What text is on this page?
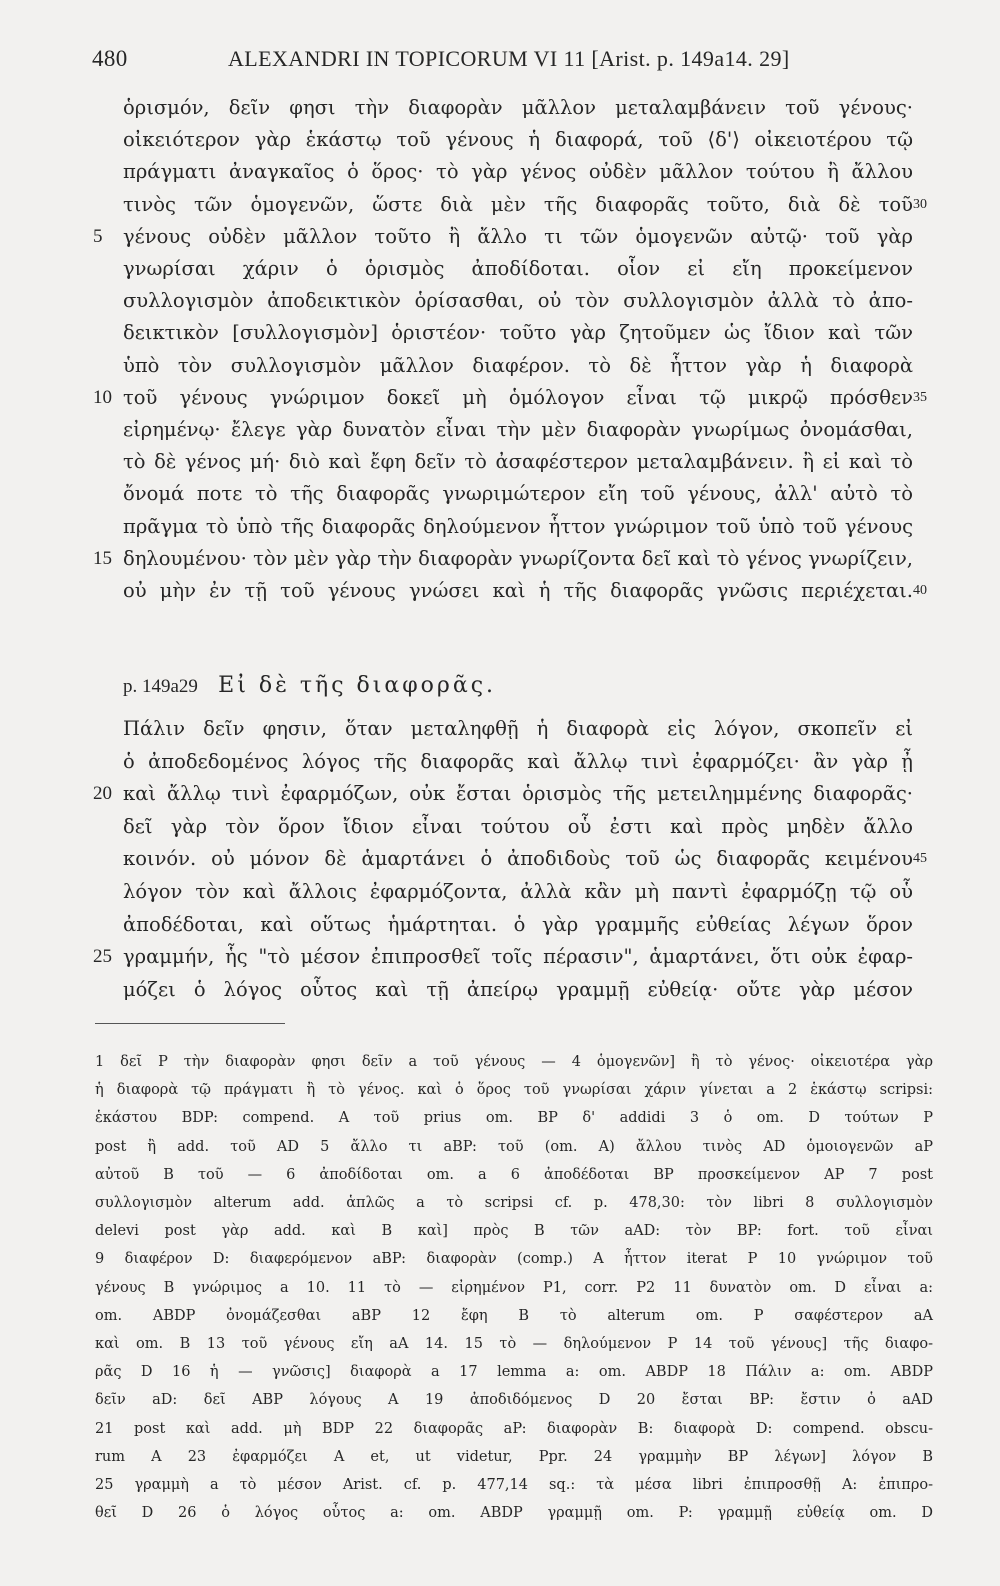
480	ALEXANDRI IN TOPICORUM VI 11 [Arist. p. 149a14. 29]
ὁρισμόν, δεῖν φησι τὴν διαφορὰν μᾶλλον μεταλαμβάνειν τοῦ γένους·
οἰκειότερον γὰρ ἑκάστῳ τοῦ γένους ἡ διαφορά, τοῦ ⟨δ'⟩ οἰκειοτέρου τῷ
πράγματι ἀναγκαῖος ὁ ὅρος· τὸ γὰρ γένος οὐδὲν μᾶλλον τούτου ἢ ἄλλου
τινὸς τῶν ὁμογενῶν, ὥστε διὰ μὲν τῆς διαφορᾶς τοῦτο, διὰ δὲ τοῦ 30
γένους οὐδὲν μᾶλλον τοῦτο ἢ ἄλλο τι τῶν ὁμογενῶν αὐτῷ· τοῦ γὰρ
5
γνωρίσαι χάριν ὁ ὁρισμὸς ἀποδίδοται. οἷον εἰ εἴη προκείμενον
συλλογισμὸν ἀποδεικτικὸν ὁρίσασθαι, οὐ τὸν συλλογισμὸν ἀλλὰ τὸ ἀπο-
δεικτικὸν [συλλογισμὸν] ὁριστέον· τοῦτο γὰρ ζητοῦμεν ὡς ἴδιον καὶ τῶν
ὑπὸ τὸν συλλογισμὸν μᾶλλον διαφέρον. τὸ δὲ ἧττον γὰρ ἡ διαφορὰ
τοῦ γένους γνώριμον δοκεῖ μὴ ὁμόλογον εἶναι τῷ μικρῷ πρόσθεν
10	35
εἰρημένῳ· ἔλεγε γὰρ δυνατὸν εἶναι τὴν μὲν διαφορὰν γνωρίμως ὀνομάσθαι,
τὸ δὲ γένος μή· διὸ καὶ ἔφη δεῖν τὸ ἀσαφέστερον μεταλαμβάνειν. ἢ εἰ καὶ τὸ
ὄνομά ποτε τὸ τῆς διαφορᾶς γνωριμώτερον εἴη τοῦ γένους, ἀλλ' αὐτὸ τὸ
πρᾶγμα τὸ ὑπὸ τῆς διαφορᾶς δηλούμενον ἧττον γνώριμον τοῦ ὑπὸ τοῦ γένους
δηλουμένου· τὸν μὲν γὰρ τὴν διαφορὰν γνωρίζοντα δεῖ καὶ τὸ γένος γνωρίζειν,
15
οὐ μὴν ἐν τῇ τοῦ γένους γνώσει καὶ ἡ τῆς διαφορᾶς γνῶσις περιέχεται. 40
p. 149a29 Εἰ δὲ τῆς διαφορᾶς.
Πάλιν δεῖν φησιν, ὅταν μεταληφθῇ ἡ διαφορὰ εἰς λόγον, σκοπεῖν εἰ
ὁ ἀποδεδομένος λόγος τῆς διαφορᾶς καὶ ἄλλῳ τινὶ ἐφαρμόζει· ἂν γὰρ ᾖ
καὶ ἄλλῳ τινὶ ἐφαρμόζων, οὐκ ἔσται ὁρισμὸς τῆς μετειλημμένης διαφορᾶς·
20
δεῖ γὰρ τὸν ὅρον ἴδιον εἶναι τούτου οὗ ἐστι καὶ πρὸς μηδὲν ἄλλο
κοινόν. οὐ μόνον δὲ ἁμαρτάνει ὁ ἀποδιδοὺς τοῦ ὡς διαφορᾶς κειμένου 45
λόγον τὸν καὶ ἄλλοις ἐφαρμόζοντα, ἀλλὰ κἂν μὴ παντὶ ἐφαρμόζῃ τῷ οὗ
ἀποδέδοται, καὶ οὕτως ἡμάρτηται. ὁ γὰρ γραμμῆς εὐθείας λέγων ὅρον
γραμμήν, ἧς "τὸ μέσον ἐπιπροσθεῖ τοῖς πέρασιν", ἁμαρτάνει, ὅτι οὐκ ἐφαρ-
25
μόζει ὁ λόγος οὗτος καὶ τῇ ἀπείρῳ γραμμῇ εὐθείᾳ· οὔτε γὰρ μέσον
1 δεῖ P τὴν διαφορὰν φησι δεῖν a τοῦ γένους — 4 ὁμογενῶν] ἢ τὸ γένος· οἰκειοτέρα γὰρ
ἡ διαφορὰ τῷ πράγματι ἢ τὸ γένος. καὶ ὁ ὅρος τοῦ γνωρίσαι χάριν γίνεται a 2 ἑκάστῳ scripsi:
ἑκάστου BDP: compend. A τοῦ prius om. BP δ' addidi 3 ὁ om. D τούτων P
post ἢ add. τοῦ AD 5 ἄλλο τι aBP: τοῦ (om. A) ἄλλου τινὸς AD ὁμοιογενῶν aP
αὐτοῦ B τοῦ — 6 ἀποδίδοται om. a 6 ἀποδέδοται BP προσκείμενον AP 7 post
συλλογισμὸν alterum add. ἁπλῶς a τὸ scripsi cf. p. 478,30: τὸν libri 8 συλλογισμὸν
delevi post γὰρ add. καὶ B καὶ] πρὸς B τῶν aAD: τὸν BP: fort. τοῦ εἶναι
9 διαφέρον D: διαφερόμενον aBP: διαφορὰν (comp.) A ἧττον iterat P 10 γνώριμον τοῦ
γένους B γνώριμος a 10. 11 τὸ — εἰρημένον P1, corr. P2 11 δυνατὸν om. D εἶναι a:
om. ABDP ὀνομάζεσθαι aBP 12 ἔφη B τὸ alterum om. P σαφέστερον aA
καὶ om. B 13 τοῦ γένους εἴη aA 14. 15 τὸ — δηλούμενον P 14 τοῦ γένους] τῆς διαφο-
ρᾶς D 16 ἡ — γνῶσις] διαφορὰ a 17 lemma a: om. ABDP 18 Πάλιν a: om. ABDP
δεῖν aD: δεῖ ABP λόγους A 19 ἀποδιδόμενος D 20 ἔσται BP: ἔστιν ὁ aAD
21 post καὶ add. μὴ BDP 22 διαφορᾶς aP: διαφορὰν B: διαφορὰ D: compend. obscu-
rum A 23 ἐφαρμόζει A et, ut videtur, Ppr. 24 γραμμὴν BP λέγων] λόγον B
25 γραμμὴ a τὸ μέσον Arist. cf. p. 477,14 sq.: τὰ μέσα libri ἐπιπροσθῇ A: ἐπιπρο-
θεῖ D 26 ὁ λόγος οὗτος a: om. ABDP γραμμῇ om. P: γραμμῇ εὐθείᾳ om. D
